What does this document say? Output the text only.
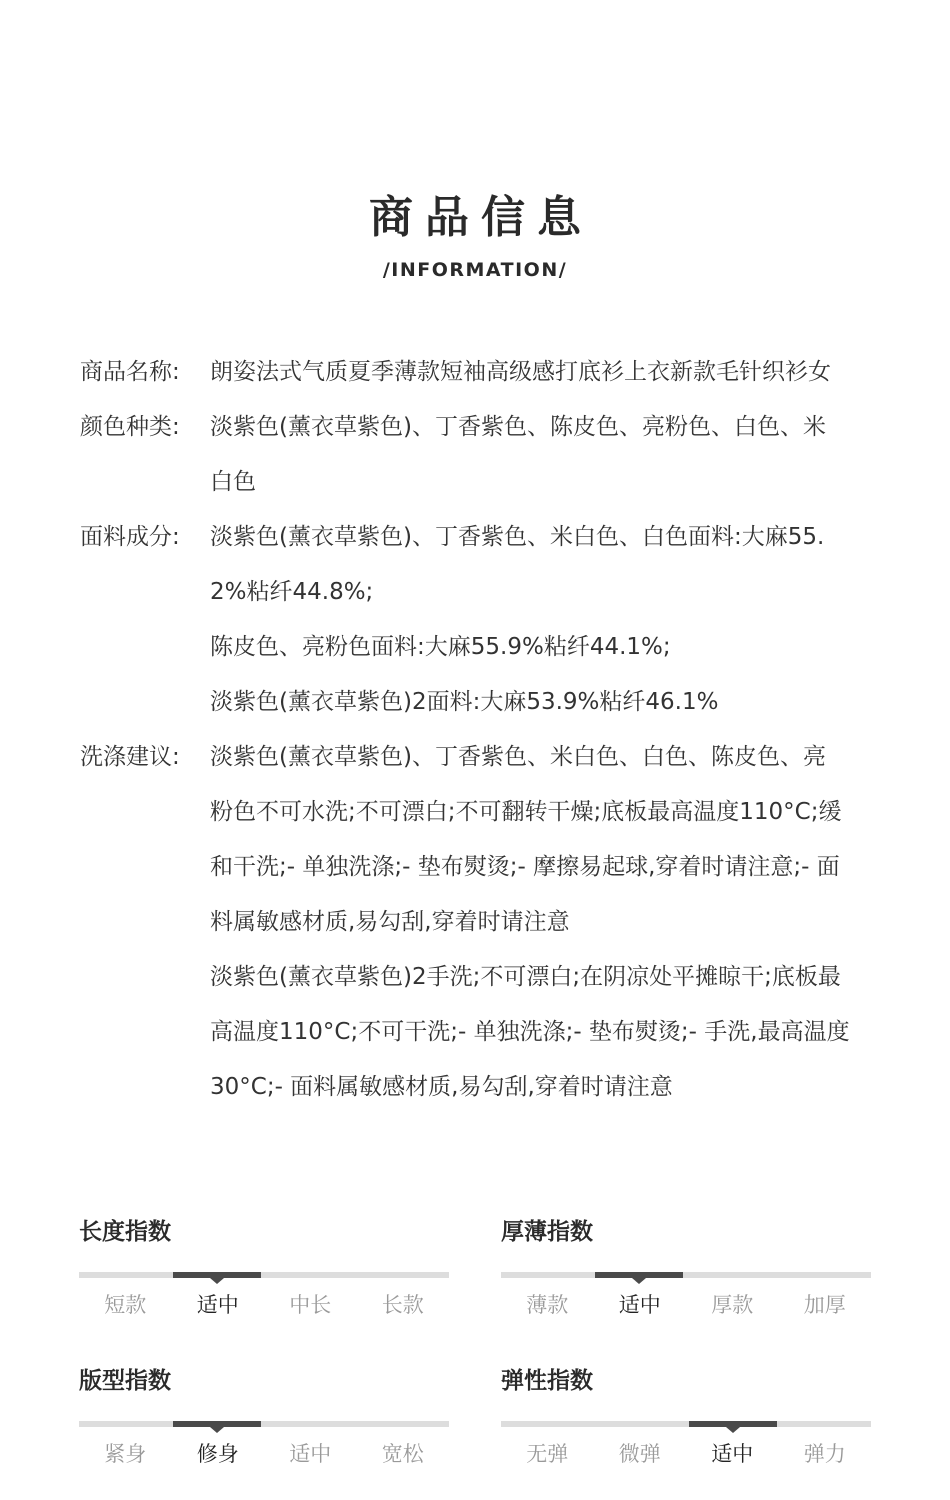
商品信息
/INFORMATION/
商品名称:	朗姿法式气质夏季薄款短袖高级感打底衫上衣新款毛针织衫女
颜色种类:	淡紫色(薰衣草紫色)、丁香紫色、陈皮色、亮粉色、白色、米
白色
面料成分:	淡紫色(薰衣草紫色)、丁香紫色、米白色、白色面料:大麻55.
2%粘纤44.8%;
陈皮色、亮粉色面料:大麻55.9%粘纤44.1%;
淡紫色(薰衣草紫色)2面料:大麻53.9%粘纤46.1%
洗涤建议:	淡紫色(薰衣草紫色)、丁香紫色、米白色、白色、陈皮色、亮
粉色不可水洗;不可漂白;不可翻转干燥;底板最高温度110°C;缓
和干洗;- 单独洗涤;- 垫布熨烫;- 摩擦易起球,穿着时请注意;- 面
料属敏感材质,易勾刮,穿着时请注意
淡紫色(薰衣草紫色)2手洗;不可漂白;在阴凉处平摊晾干;底板最
高温度110°C;不可干洗;- 单独洗涤;- 垫布熨烫;- 手洗,最高温度
30°C;- 面料属敏感材质,易勾刮,穿着时请注意
长度指数
短款	适中	中长	长款
厚薄指数
薄款	适中	厚款	加厚
版型指数
紧身	修身	适中	宽松
弹性指数
无弹	微弹	适中	弹力
